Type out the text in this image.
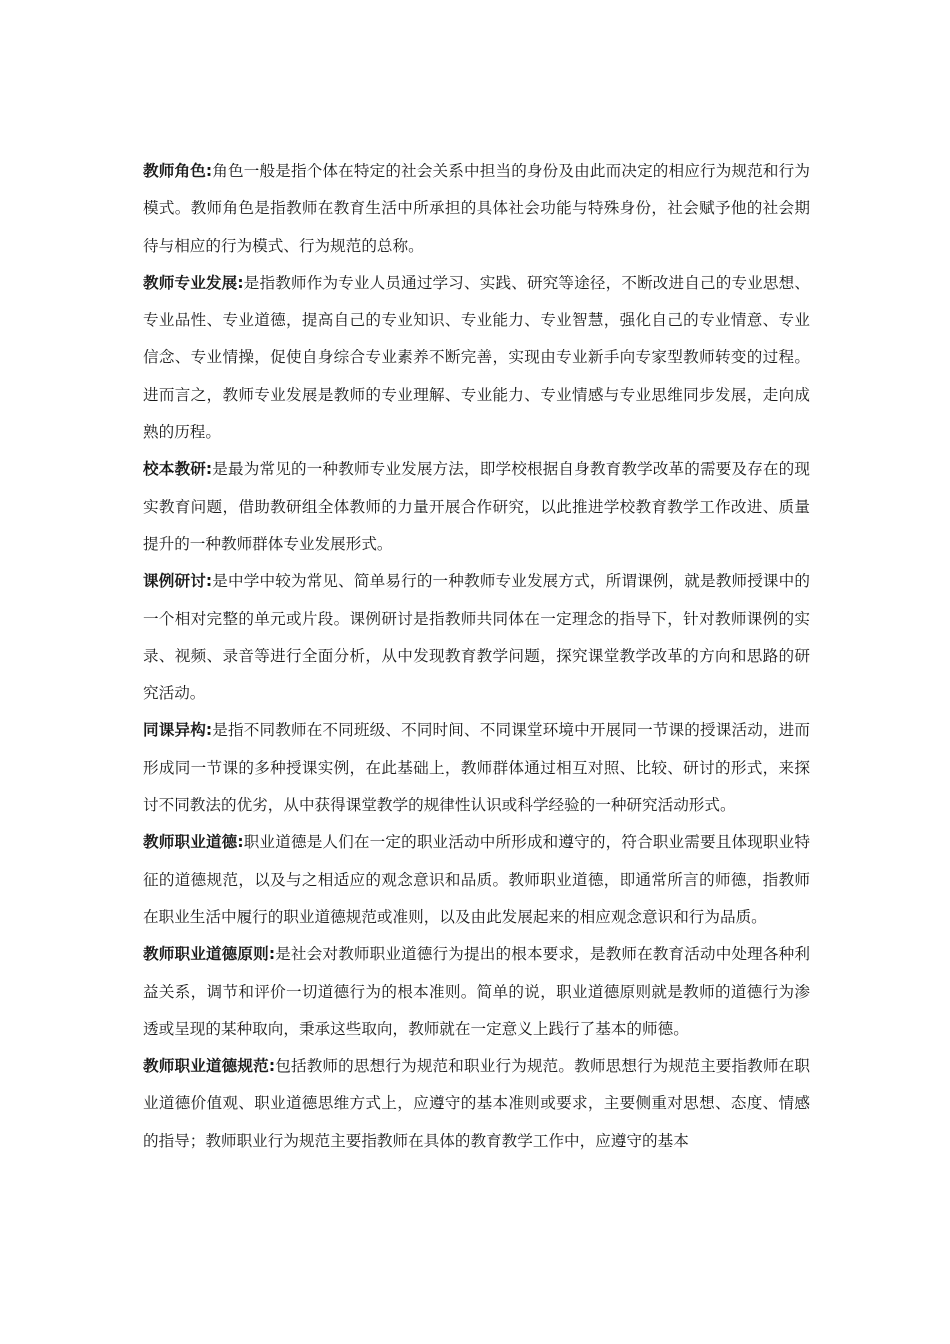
教师角色:角色一般是指个体在特定的社会关系中担当的身份及由此而决定的相应行为规范和行为模式。教师角色是指教师在教育生活中所承担的具体社会功能与特殊身份，社会赋予他的社会期待与相应的行为模式、行为规范的总称。

教师专业发展:是指教师作为专业人员通过学习、实践、研究等途径，不断改进自己的专业思想、专业品性、专业道德，提高自己的专业知识、专业能力、专业智慧，强化自己的专业情意、专业信念、专业情操，促使自身综合专业素养不断完善，实现由专业新手向专家型教师转变的过程。进而言之，教师专业发展是教师的专业理解、专业能力、专业情感与专业思维同步发展，走向成熟的历程。

校本教研:是最为常见的一种教师专业发展方法，即学校根据自身教育教学改革的需要及存在的现实教育问题，借助教研组全体教师的力量开展合作研究，以此推进学校教育教学工作改进、质量提升的一种教师群体专业发展形式。

课例研讨:是中学中较为常见、简单易行的一种教师专业发展方式，所谓课例，就是教师授课中的一个相对完整的单元或片段。课例研讨是指教师共同体在一定理念的指导下，针对教师课例的实录、视频、录音等进行全面分析，从中发现教育教学问题，探究课堂教学改革的方向和思路的研究活动。

同课异构:是指不同教师在不同班级、不同时间、不同课堂环境中开展同一节课的授课活动，进而形成同一节课的多种授课实例，在此基础上，教师群体通过相互对照、比较、研讨的形式，来探讨不同教法的优劣，从中获得课堂教学的规律性认识或科学经验的一种研究活动形式。

教师职业道德:职业道德是人们在一定的职业活动中所形成和遵守的，符合职业需要且体现职业特征的道德规范，以及与之相适应的观念意识和品质。教师职业道德，即通常所言的师德，指教师在职业生活中履行的职业道德规范或准则，以及由此发展起来的相应观念意识和行为品质。

教师职业道德原则:是社会对教师职业道德行为提出的根本要求，是教师在教育活动中处理各种利益关系，调节和评价一切道德行为的根本准则。简单的说，职业道德原则就是教师的道德行为渗透或呈现的某种取向，秉承这些取向，教师就在一定意义上践行了基本的师德。

教师职业道德规范:包括教师的思想行为规范和职业行为规范。教师思想行为规范主要指教师在职业道德价值观、职业道德思维方式上，应遵守的基本准则或要求，主要侧重对思想、态度、情感的指导；教师职业行为规范主要指教师在具体的教育教学工作中，应遵守的基本
